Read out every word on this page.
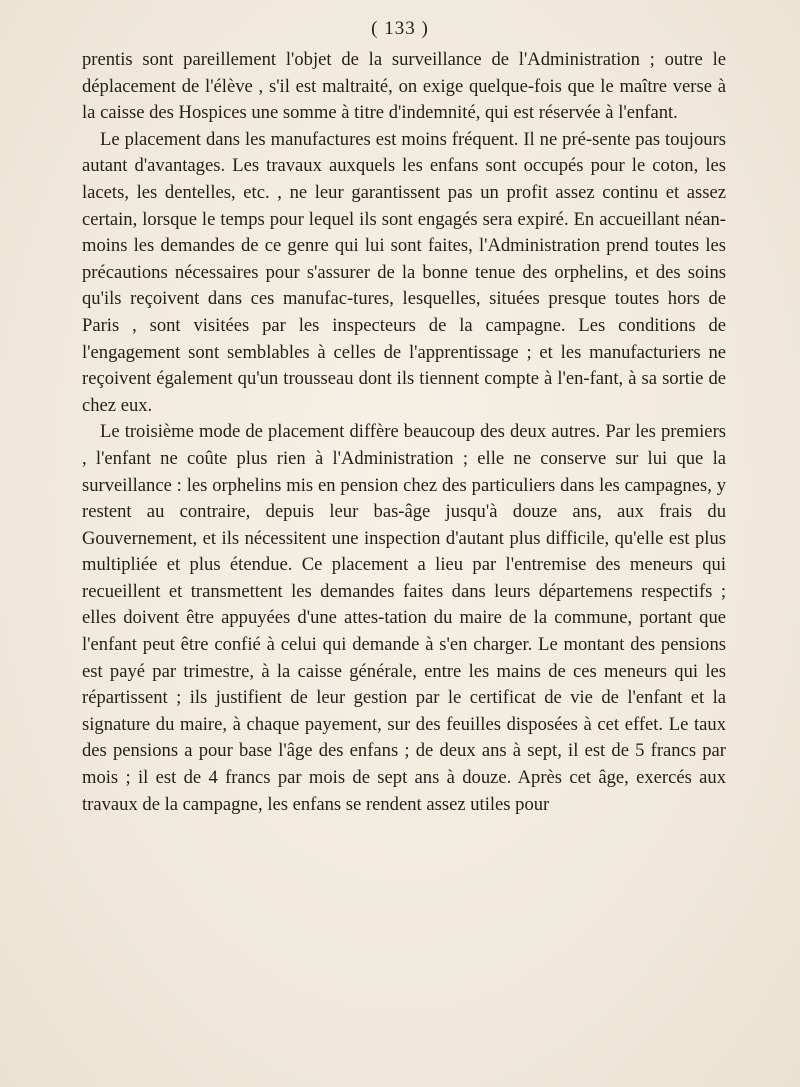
( 133 )

prentis sont pareillement l'objet de la surveillance de l'Administration ; outre le déplacement de l'élève , s'il est maltraité, on exige quelque-fois que le maître verse à la caisse des Hospices une somme à titre d'indemnité, qui est réservée à l'enfant.

Le placement dans les manufactures est moins fréquent. Il ne pré-sente pas toujours autant d'avantages. Les travaux auxquels les enfans sont occupés pour le coton, les lacets, les dentelles, etc. , ne leur garantissent pas un profit assez continu et assez certain, lorsque le temps pour lequel ils sont engagés sera expiré. En accueillant néan-moins les demandes de ce genre qui lui sont faites, l'Administration prend toutes les précautions nécessaires pour s'assurer de la bonne tenue des orphelins, et des soins qu'ils reçoivent dans ces manufac-tures, lesquelles, situées presque toutes hors de Paris , sont visitées par les inspecteurs de la campagne. Les conditions de l'engagement sont semblables à celles de l'apprentissage ; et les manufacturiers ne reçoivent également qu'un trousseau dont ils tiennent compte à l'en-fant, à sa sortie de chez eux.

Le troisième mode de placement diffère beaucoup des deux autres. Par les premiers , l'enfant ne coûte plus rien à l'Administration ; elle ne conserve sur lui que la surveillance : les orphelins mis en pension chez des particuliers dans les campagnes, y restent au contraire, depuis leur bas-âge jusqu'à douze ans, aux frais du Gouvernement, et ils nécessitent une inspection d'autant plus difficile, qu'elle est plus multipliée et plus étendue. Ce placement a lieu par l'entremise des meneurs qui recueillent et transmettent les demandes faites dans leurs départemens respectifs ; elles doivent être appuyées d'une attes-tation du maire de la commune, portant que l'enfant peut être confié à celui qui demande à s'en charger. Le montant des pensions est payé par trimestre, à la caisse générale, entre les mains de ces meneurs qui les répartissent ; ils justifient de leur gestion par le certificat de vie de l'enfant et la signature du maire, à chaque payement, sur des feuilles disposées à cet effet. Le taux des pensions a pour base l'âge des enfans ; de deux ans à sept, il est de 5 francs par mois ; il est de 4 francs par mois de sept ans à douze. Après cet âge, exercés aux travaux de la campagne, les enfans se rendent assez utiles pour
